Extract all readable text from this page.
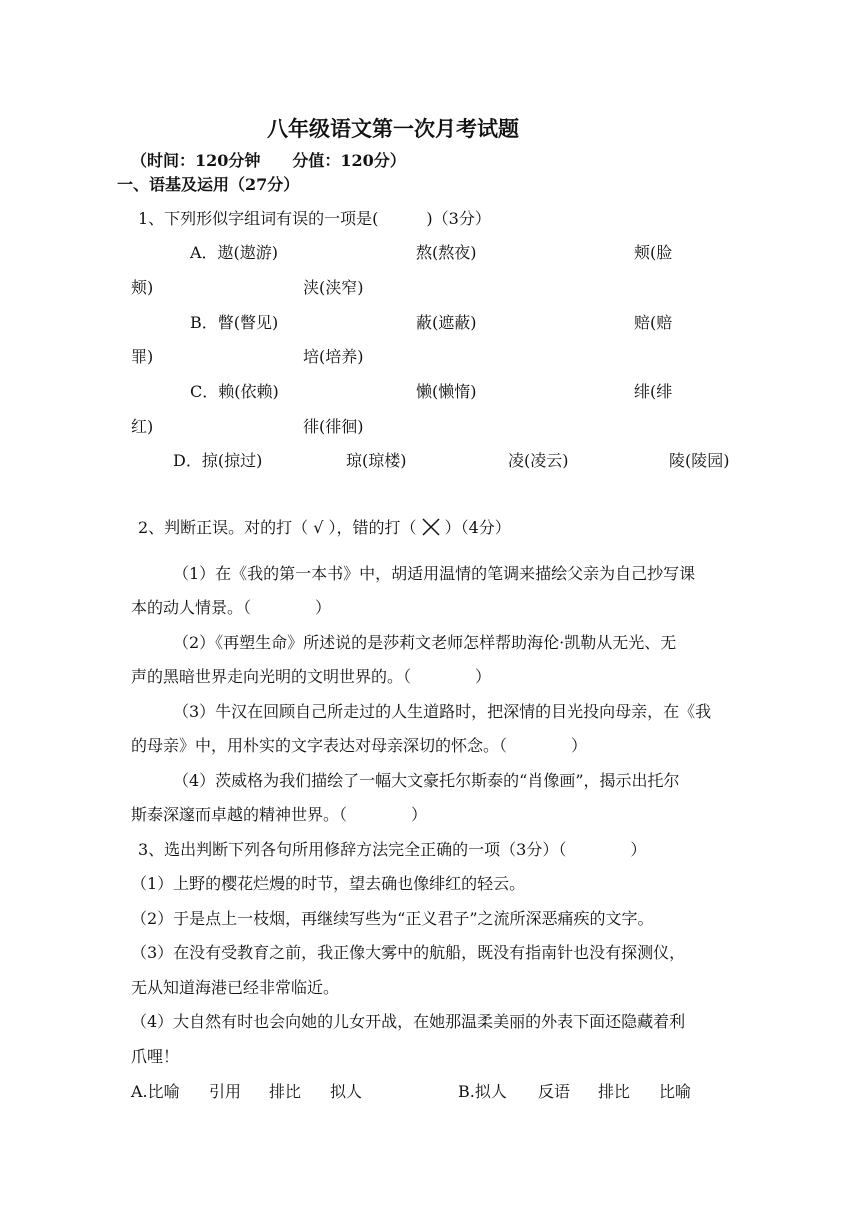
八年级语文第一次月考试题
（时间：120分钟　　分值：120分）
一、语基及运用（27分）
1、下列形似字组词有误的一项是(　　　)（3分）
A．遨(遨游)	熬(熬夜)	颊(脸
颊)	浃(浃窄)
B．瞥(瞥见)	蔽(遮蔽)	赔(赔
罪)	培(培养)
C．赖(依赖)	懒(懒惰)	绯(绯
红)	徘(徘徊)
D．掠(掠过)	琼(琼楼)	凌(凌云)	陵(陵园)
2、判断正误。对的打（ √ ），错的打（ ）（4分）
（1）在《我的第一本书》中，胡适用温情的笔调来描绘父亲为自己抄写课
本的动人情景。（　　　　）
（2）《再塑生命》所述说的是莎莉文老师怎样帮助海伦·凯勒从无光、无
声的黑暗世界走向光明的文明世界的。（　　　　）
（3）牛汉在回顾自己所走过的人生道路时，把深情的目光投向母亲，在《我
的母亲》中，用朴实的文字表达对母亲深切的怀念。（　　　　）
（4）茨威格为我们描绘了一幅大文豪托尔斯泰的“肖像画”，揭示出托尔
斯泰深邃而卓越的精神世界。（　　　　）
3、选出判断下列各句所用修辞方法完全正确的一项（3分）（　　　　）
（1）上野的樱花烂熳的时节，望去确也像绯红的轻云。
（2）于是点上一枝烟，再继续写些为“正义君子”之流所深恶痛疾的文字。
（3）在没有受教育之前，我正像大雾中的航船，既没有指南针也没有探测仪，
无从知道海港已经非常临近。
（4）大自然有时也会向她的儿女开战，在她那温柔美丽的外表下面还隐藏着利
爪哩！
A.比喻 引用 排比 拟人	B.拟人 反语 排比 比喻
